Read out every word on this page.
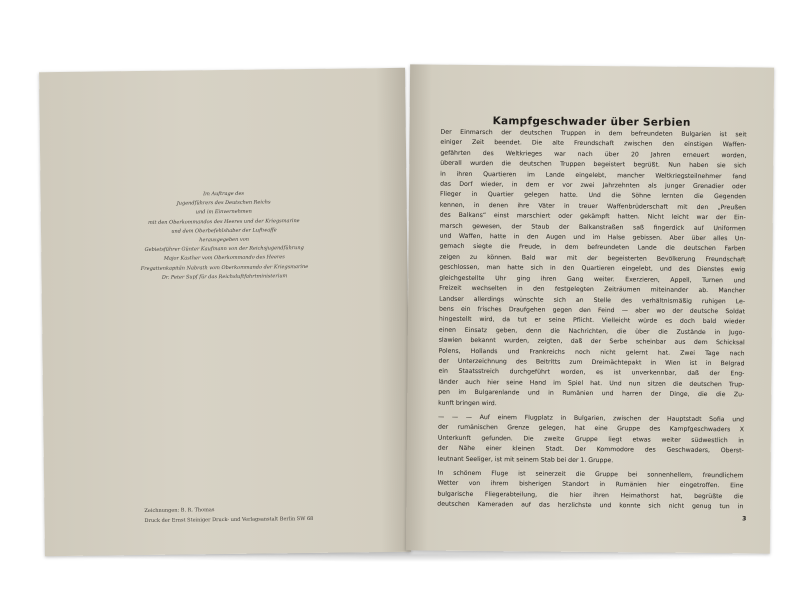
Im Auftrage des
Jugendführers des Deutschen Reichs
und im Einvernehmen
mit den Oberkommandos des Heeres und der Kriegsmarine
und dem Oberbefehlshaber der Luftwaffe
herausgegeben von
Gebietsführer Günter Kaufmann von der Reichsjugendführung
Major Kasther vom Oberkommando des Heeres
Fregattenkapitän Nabrath vom Oberkommando der Kriegsmarine
Dr. Peter Supf für das Reichsluftfahrtministerium
Zeichnungen: B. R. Thomas
Druck der Ernst Steiniger Druck- und Verlagsanstalt Berlin SW 68
Kampfgeschwader über Serbien
Der Einmarsch der deutschen Truppen in dem befreundeten Bulgarien ist seit
einiger Zeit beendet. Die alte Freundschaft zwischen den einstigen Waffen-
gefährten des Weltkrieges war nach über 20 Jahren erneuert worden,
überall wurden die deutschen Truppen begeistert begrüßt. Nun haben sie sich
in ihren Quartieren im Lande eingelebt, mancher Weltkriegsteilnehmer fand
das Dorf wieder, in dem er vor zwei Jahrzehnten als junger Grenadier oder
Flieger in Quartier gelegen hatte. Und die Söhne lernten die Gegenden
kennen, in denen ihre Väter in treuer Waffenbrüderschaft mit den „Preußen
des Balkans“ einst marschiert oder gekämpft hatten. Nicht leicht war der Ein-
marsch gewesen, der Staub der Balkanstraßen saß fingerdick auf Uniformen
und Waffen, hatte in den Augen und im Halse gebissen. Aber über alles Un-
gemach siegte die Freude, in dem befreundeten Lande die deutschen Farben
zeigen zu können. Bald war mit der begeisterten Bevölkerung Freundschaft
geschlossen, man hatte sich in den Quartieren eingelebt, und des Dienstes ewig
gleichgestellte Uhr ging ihren Gang weiter. Exerzieren, Appell, Turnen und
Freizeit wechselten in den festgelegten Zeiträumen miteinander ab. Mancher
Landser allerdings wünschte sich an Stelle des verhältnismäßig ruhigen Le-
bens ein frisches Draufgehen gegen den Feind — aber wo der deutsche Soldat
hingestellt wird, da tut er seine Pflicht. Vielleicht würde es doch bald wieder
einen Einsatz geben, denn die Nachrichten, die über die Zustände in Jugo-
slawien bekannt wurden, zeigten, daß der Serbe scheinbar aus dem Schicksal
Polens, Hollands und Frankreichs noch nicht gelernt hat. Zwei Tage nach
der Unterzeichnung des Beitritts zum Dreimächtepakt in Wien ist in Belgrad
ein Staatsstreich durchgeführt worden, es ist unverkennbar, daß der Eng-
länder auch hier seine Hand im Spiel hat. Und nun sitzen die deutschen Trup-
pen im Bulgarenlande und in Rumänien und harren der Dinge, die die Zu-
kunft bringen wird.
— — — Auf einem Flugplatz in Bulgarien, zwischen der Hauptstadt Sofia und
der rumänischen Grenze gelegen, hat eine Gruppe des Kampfgeschwaders X
Unterkunft gefunden. Die zweite Gruppe liegt etwas weiter südwestlich in
der Nähe einer kleinen Stadt. Der Kommodore des Geschwaders, Oberst-
leutnant Seeliger, ist mit seinem Stab bei der 1. Gruppe.
In schönem Fluge ist seinerzeit die Gruppe bei sonnenhellem, freundlichem
Wetter von ihrem bisherigen Standort in Rumänien hier eingetroffen. Eine
bulgarische Fliegerabteilung, die hier ihren Heimathorst hat, begrüßte die
deutschen Kameraden auf das herzlichste und konnte sich nicht genug tun in
3
